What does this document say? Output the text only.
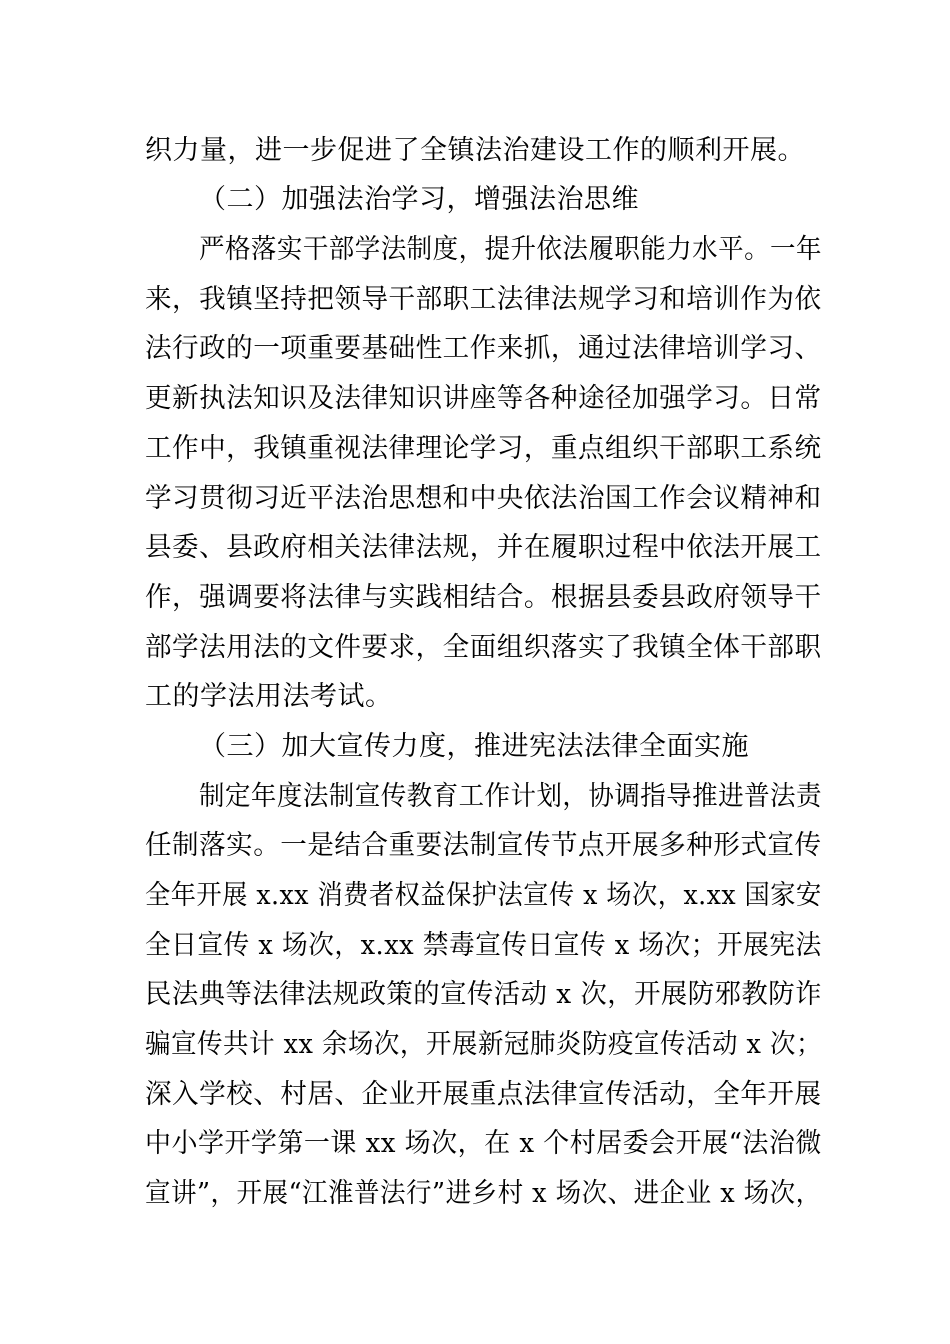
织力量，进一步促进了全镇法治建设工作的顺利开展。
（二）加强法治学习，增强法治思维
严格落实干部学法制度，提升依法履职能力水平。一年
来，我镇坚持把领导干部职工法律法规学习和培训作为依
法行政的一项重要基础性工作来抓，通过法律培训学习、
更新执法知识及法律知识讲座等各种途径加强学习。日常
工作中，我镇重视法律理论学习，重点组织干部职工系统
学习贯彻习近平法治思想和中央依法治国工作会议精神和
县委、县政府相关法律法规，并在履职过程中依法开展工
作，强调要将法律与实践相结合。根据县委县政府领导干
部学法用法的文件要求，全面组织落实了我镇全体干部职
工的学法用法考试。
（三）加大宣传力度，推进宪法法律全面实施
制定年度法制宣传教育工作计划，协调指导推进普法责
任制落实。一是结合重要法制宣传节点开展多种形式宣传
全年开展 x.xx 消费者权益保护法宣传 x 场次，x.xx 国家安
全日宣传 x 场次，x.xx 禁毒宣传日宣传 x 场次；开展宪法
民法典等法律法规政策的宣传活动 x 次，开展防邪教防诈
骗宣传共计 xx 余场次，开展新冠肺炎防疫宣传活动 x 次；
深入学校、村居、企业开展重点法律宣传活动，全年开展
中小学开学第一课 xx 场次，在 x 个村居委会开展“法治微
宣讲”，开展“江淮普法行”进乡村 x 场次、进企业 x 场次，
